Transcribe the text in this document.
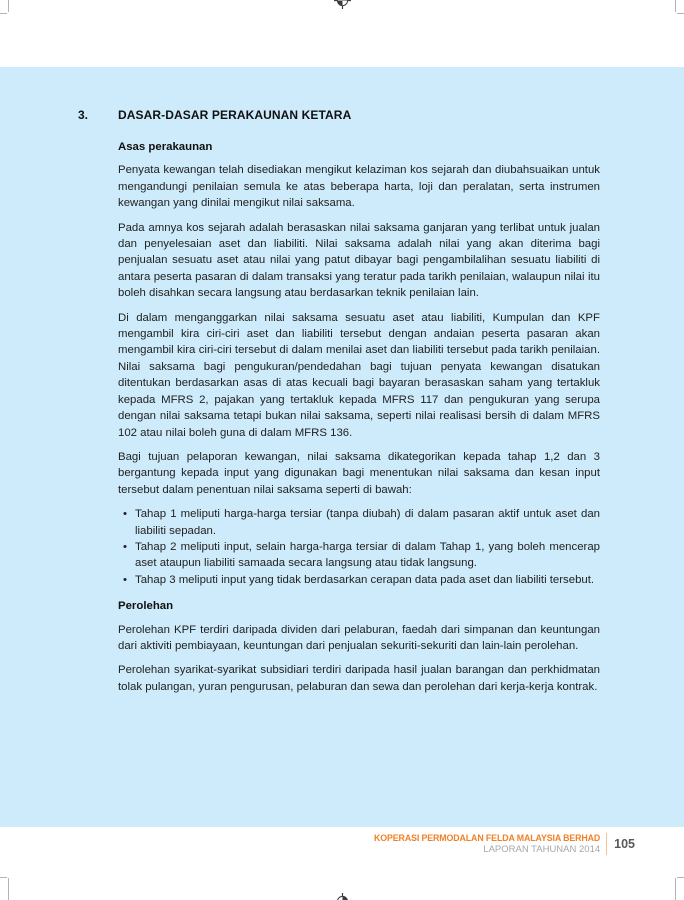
3.	DASAR-DASAR PERAKAUNAN KETARA
Asas perakaunan

Penyata kewangan telah disediakan mengikut kelaziman kos sejarah dan diubahsuaikan untuk mengandungi penilaian semula ke atas beberapa harta, loji dan peralatan, serta instrumen kewangan yang dinilai mengikut nilai saksama.

Pada amnya kos sejarah adalah berasaskan nilai saksama ganjaran yang terlibat untuk jualan dan penyelesaian aset dan liabiliti. Nilai saksama adalah nilai yang akan diterima bagi penjualan sesuatu aset atau nilai yang patut dibayar bagi pengambilalihan sesuatu liabiliti di antara peserta pasaran di dalam transaksi yang teratur pada tarikh penilaian, walaupun nilai itu boleh disahkan secara langsung atau berdasarkan teknik penilaian lain.

Di dalam menganggarkan nilai saksama sesuatu aset atau liabiliti, Kumpulan dan KPF mengambil kira ciri-ciri aset dan liabiliti tersebut dengan andaian peserta pasaran akan mengambil kira ciri-ciri tersebut di dalam menilai aset dan liabiliti tersebut pada tarikh penilaian. Nilai saksama bagi pengukuran/pendedahan bagi tujuan penyata kewangan disatukan ditentukan berdasarkan asas di atas kecuali bagi bayaran berasaskan saham yang tertakluk kepada MFRS 2, pajakan yang tertakluk kepada MFRS 117 dan pengukuran yang serupa dengan nilai saksama tetapi bukan nilai saksama, seperti nilai realisasi bersih di dalam MFRS 102 atau nilai boleh guna di dalam MFRS 136.

Bagi tujuan pelaporan kewangan, nilai saksama dikategorikan kepada tahap 1,2 dan 3 bergantung kepada input yang digunakan bagi menentukan nilai saksama dan kesan input tersebut dalam penentuan nilai saksama seperti di bawah:

• Tahap 1 meliputi harga-harga tersiar (tanpa diubah) di dalam pasaran aktif untuk aset dan liabiliti sepadan.
• Tahap 2 meliputi input, selain harga-harga tersiar di dalam Tahap 1, yang boleh mencerap aset ataupun liabiliti samaada secara langsung atau tidak langsung.
• Tahap 3 meliputi input yang tidak berdasarkan cerapan data pada aset dan liabiliti tersebut.
Perolehan

Perolehan KPF terdiri daripada dividen dari pelaburan, faedah dari simpanan dan keuntungan dari aktiviti pembiayaan, keuntungan dari penjualan sekuriti-sekuriti dan lain-lain perolehan.

Perolehan syarikat-syarikat subsidiari terdiri daripada hasil jualan barangan dan perkhidmatan tolak pulangan, yuran pengurusan, pelaburan dan sewa dan perolehan dari kerja-kerja kontrak.

KOPERASI PERMODALAN FELDA MALAYSIA BERHAD
LAPORAN TAHUNAN 2014 105
